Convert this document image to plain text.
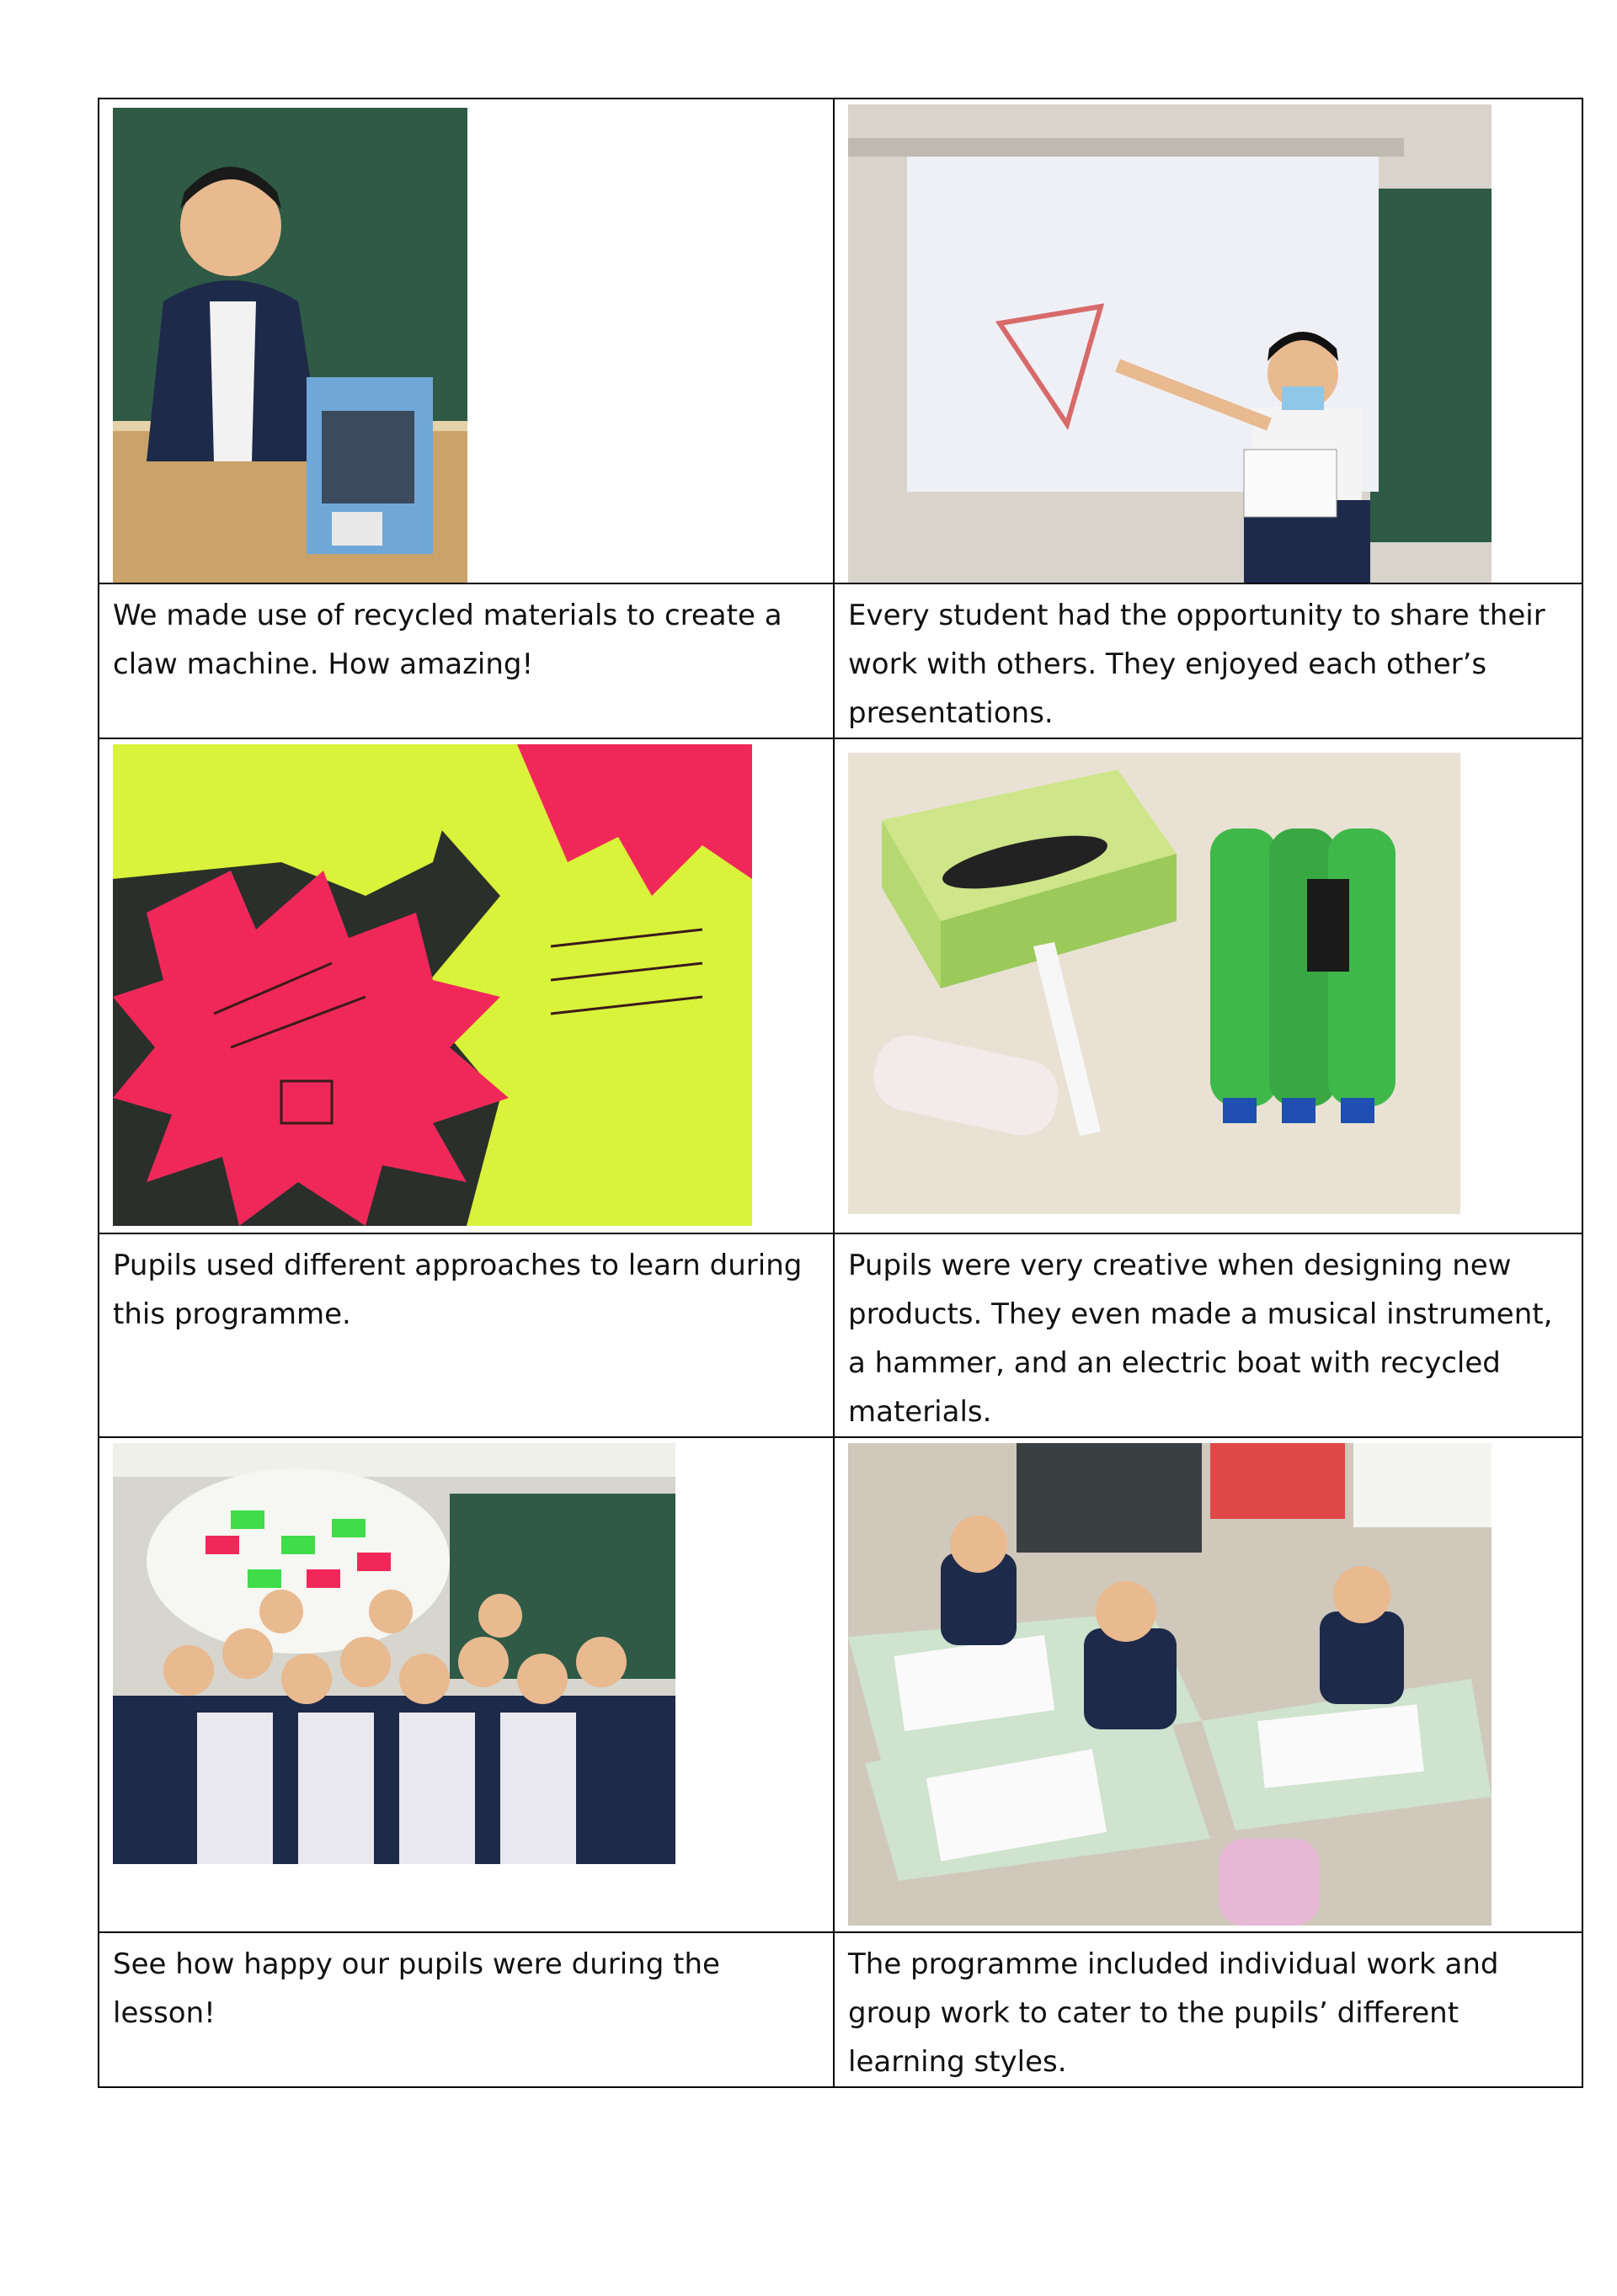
We made use of recycled materials to create a claw machine. How amazing!	Every student had the opportunity to share their work with others. They enjoyed each other’s presentations.

Pupils used different approaches to learn during this programme.	Pupils were very creative when designing new products. They even made a musical instrument, a hammer, and an electric boat with recycled materials.

See how happy our pupils were during the lesson!	The programme included individual work and group work to cater to the pupils’ different learning styles.
